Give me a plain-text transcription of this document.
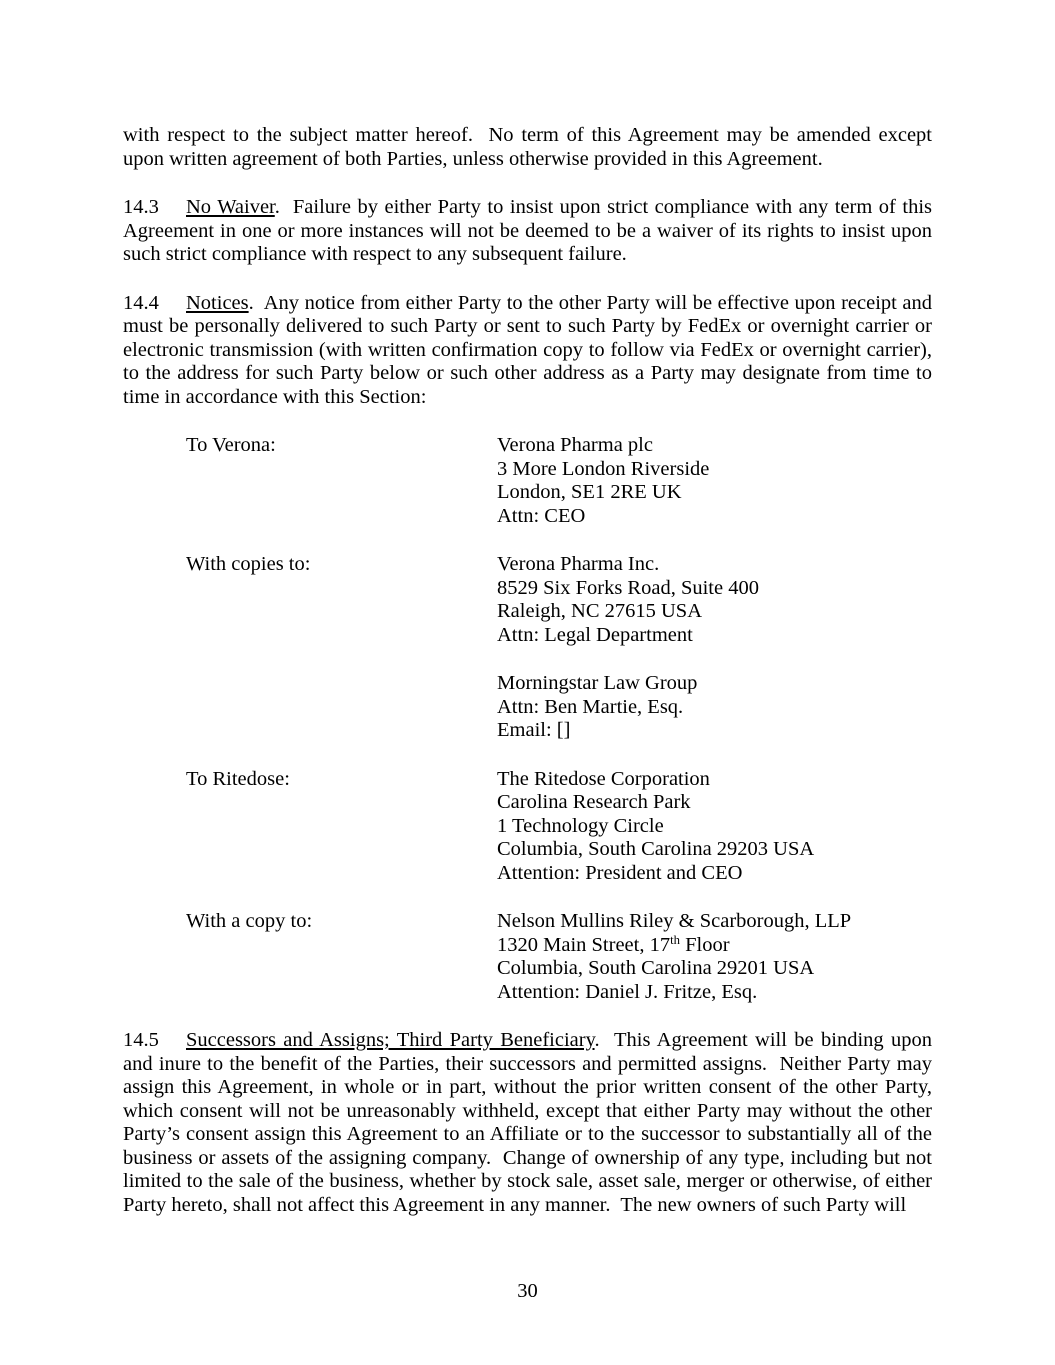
with respect to the subject matter hereof.  No term of this Agreement may be amended except upon written agreement of both Parties, unless otherwise provided in this Agreement.

14.3 No Waiver.  Failure by either Party to insist upon strict compliance with any term of this Agreement in one or more instances will not be deemed to be a waiver of its rights to insist upon such strict compliance with respect to any subsequent failure.

14.4 Notices.  Any notice from either Party to the other Party will be effective upon receipt and must be personally delivered to such Party or sent to such Party by FedEx or overnight carrier or electronic transmission (with written confirmation copy to follow via FedEx or overnight carrier), to the address for such Party below or such other address as a Party may designate from time to time in accordance with this Section:

To Verona:	Verona Pharma plc
3 More London Riverside
London, SE1 2RE UK
Attn: CEO
With copies to:	Verona Pharma Inc.
8529 Six Forks Road, Suite 400
Raleigh, NC 27615 USA
Attn: Legal Department
Morningstar Law Group
Attn: Ben Martie, Esq.
Email: []
To Ritedose:	The Ritedose Corporation
Carolina Research Park
1 Technology Circle
Columbia, South Carolina 29203 USA
Attention: President and CEO
With a copy to:	Nelson Mullins Riley & Scarborough, LLP
1320 Main Street, 17th Floor
Columbia, South Carolina 29201 USA
Attention: Daniel J. Fritze, Esq.

14.5 Successors and Assigns; Third Party Beneficiary.  This Agreement will be binding upon and inure to the benefit of the Parties, their successors and permitted assigns.  Neither Party may assign this Agreement, in whole or in part, without the prior written consent of the other Party, which consent will not be unreasonably withheld, except that either Party may without the other Party’s consent assign this Agreement to an Affiliate or to the successor to substantially all of the business or assets of the assigning company.  Change of ownership of any type, including but not limited to the sale of the business, whether by stock sale, asset sale, merger or otherwise, of either Party hereto, shall not affect this Agreement in any manner.  The new owners of such Party will

30
